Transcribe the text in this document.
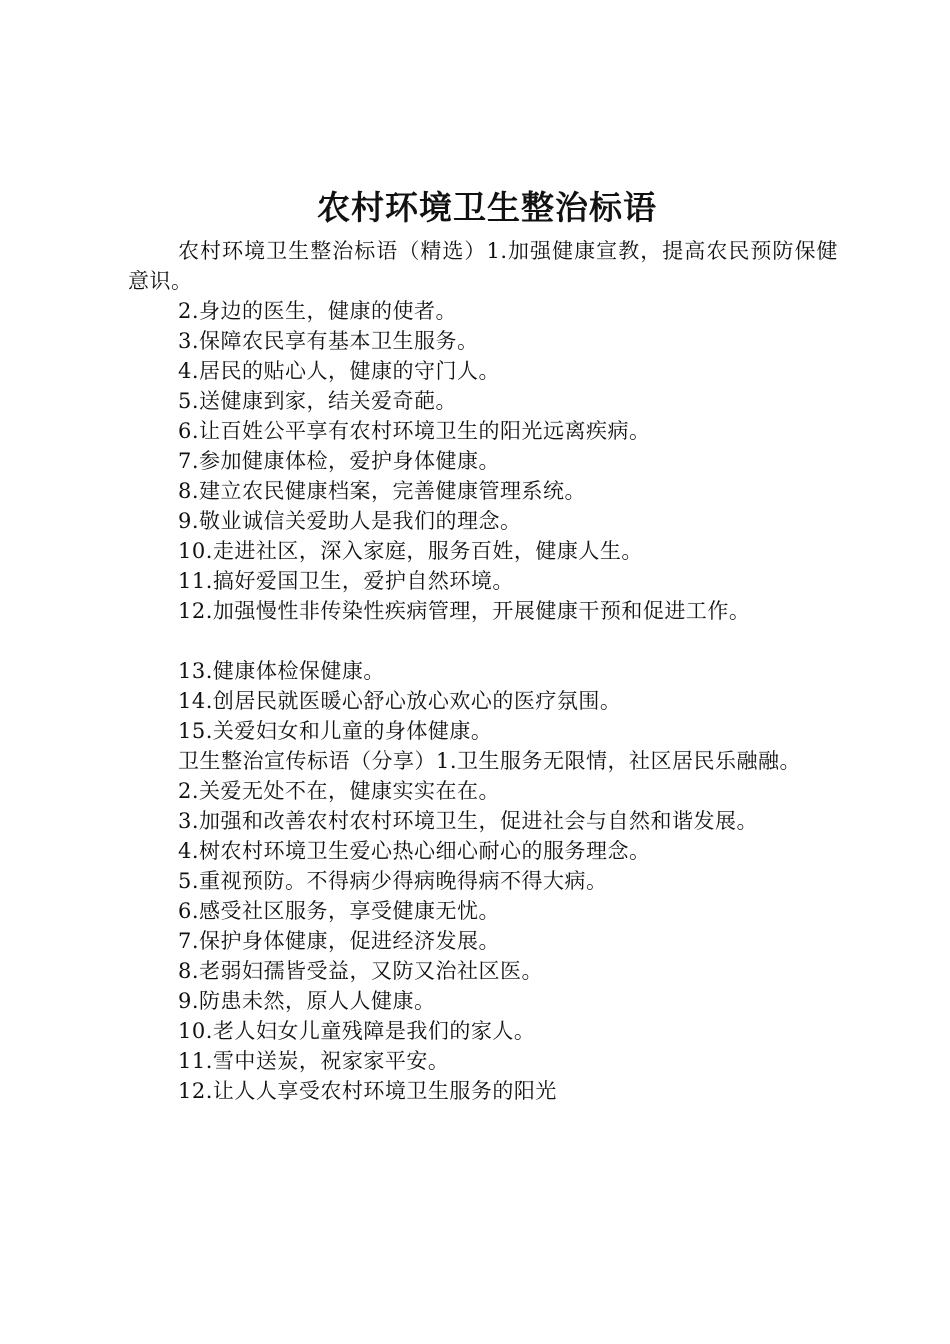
农村环境卫生整治标语
农村环境卫生整治标语（精选）1.加强健康宣教，提高农民预防保健意识。
2.身边的医生，健康的使者。
3.保障农民享有基本卫生服务。
4.居民的贴心人，健康的守门人。
5.送健康到家，结关爱奇葩。
6.让百姓公平享有农村环境卫生的阳光远离疾病。
7.参加健康体检，爱护身体健康。
8.建立农民健康档案，完善健康管理系统。
9.敬业诚信关爱助人是我们的理念。
10.走进社区，深入家庭，服务百姓，健康人生。
11.搞好爱国卫生，爱护自然环境。
12.加强慢性非传染性疾病管理，开展健康干预和促进工作。
13.健康体检保健康。
14.创居民就医暖心舒心放心欢心的医疗氛围。
15.关爱妇女和儿童的身体健康。
卫生整治宣传标语（分享）1.卫生服务无限情，社区居民乐融融。
2.关爱无处不在，健康实实在在。
3.加强和改善农村农村环境卫生，促进社会与自然和谐发展。
4.树农村环境卫生爱心热心细心耐心的服务理念。
5.重视预防。不得病少得病晚得病不得大病。
6.感受社区服务，享受健康无忧。
7.保护身体健康，促进经济发展。
8.老弱妇孺皆受益，又防又治社区医。
9.防患未然，原人人健康。
10.老人妇女儿童残障是我们的家人。
11.雪中送炭，祝家家平安。
12.让人人享受农村环境卫生服务的阳光
